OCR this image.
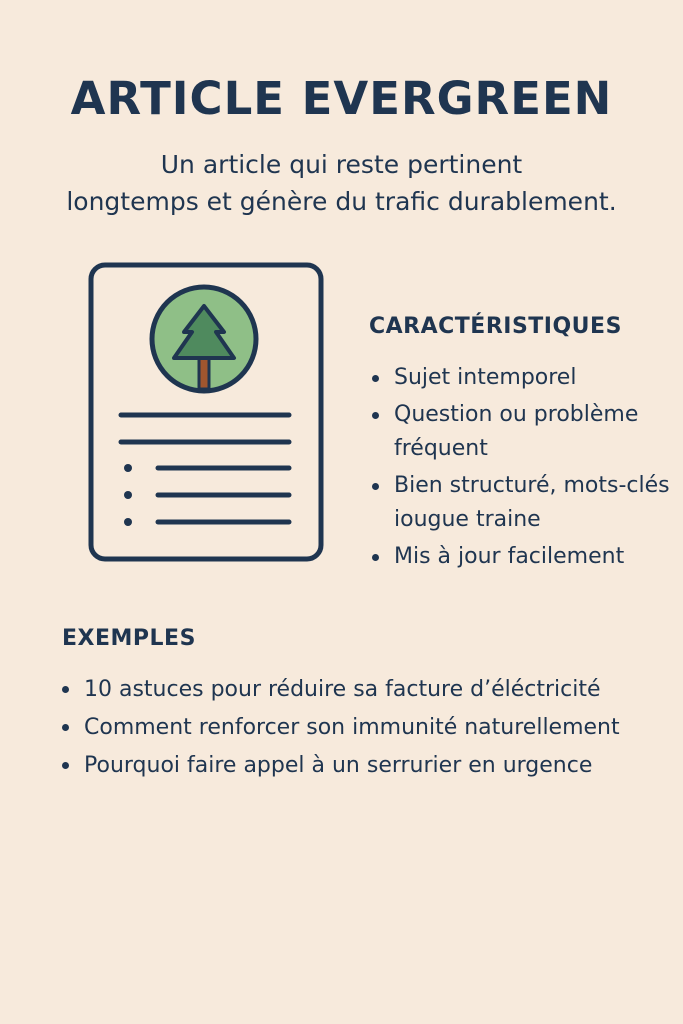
ARTICLE EVERGREEN

Un article qui reste pertinent
longtemps et génère du trafic durablement.

CARACTÉRISTIQUES
Sujet intemporel
Question ou problème fréquent
Bien structuré, mots-clés iougue traine
Mis à jour facilement
EXEMPLES
10 astuces pour réduire sa facture d’éléctricité
Comment renforcer son immunité naturellement
Pourquoi faire appel à un serrurier en urgence
